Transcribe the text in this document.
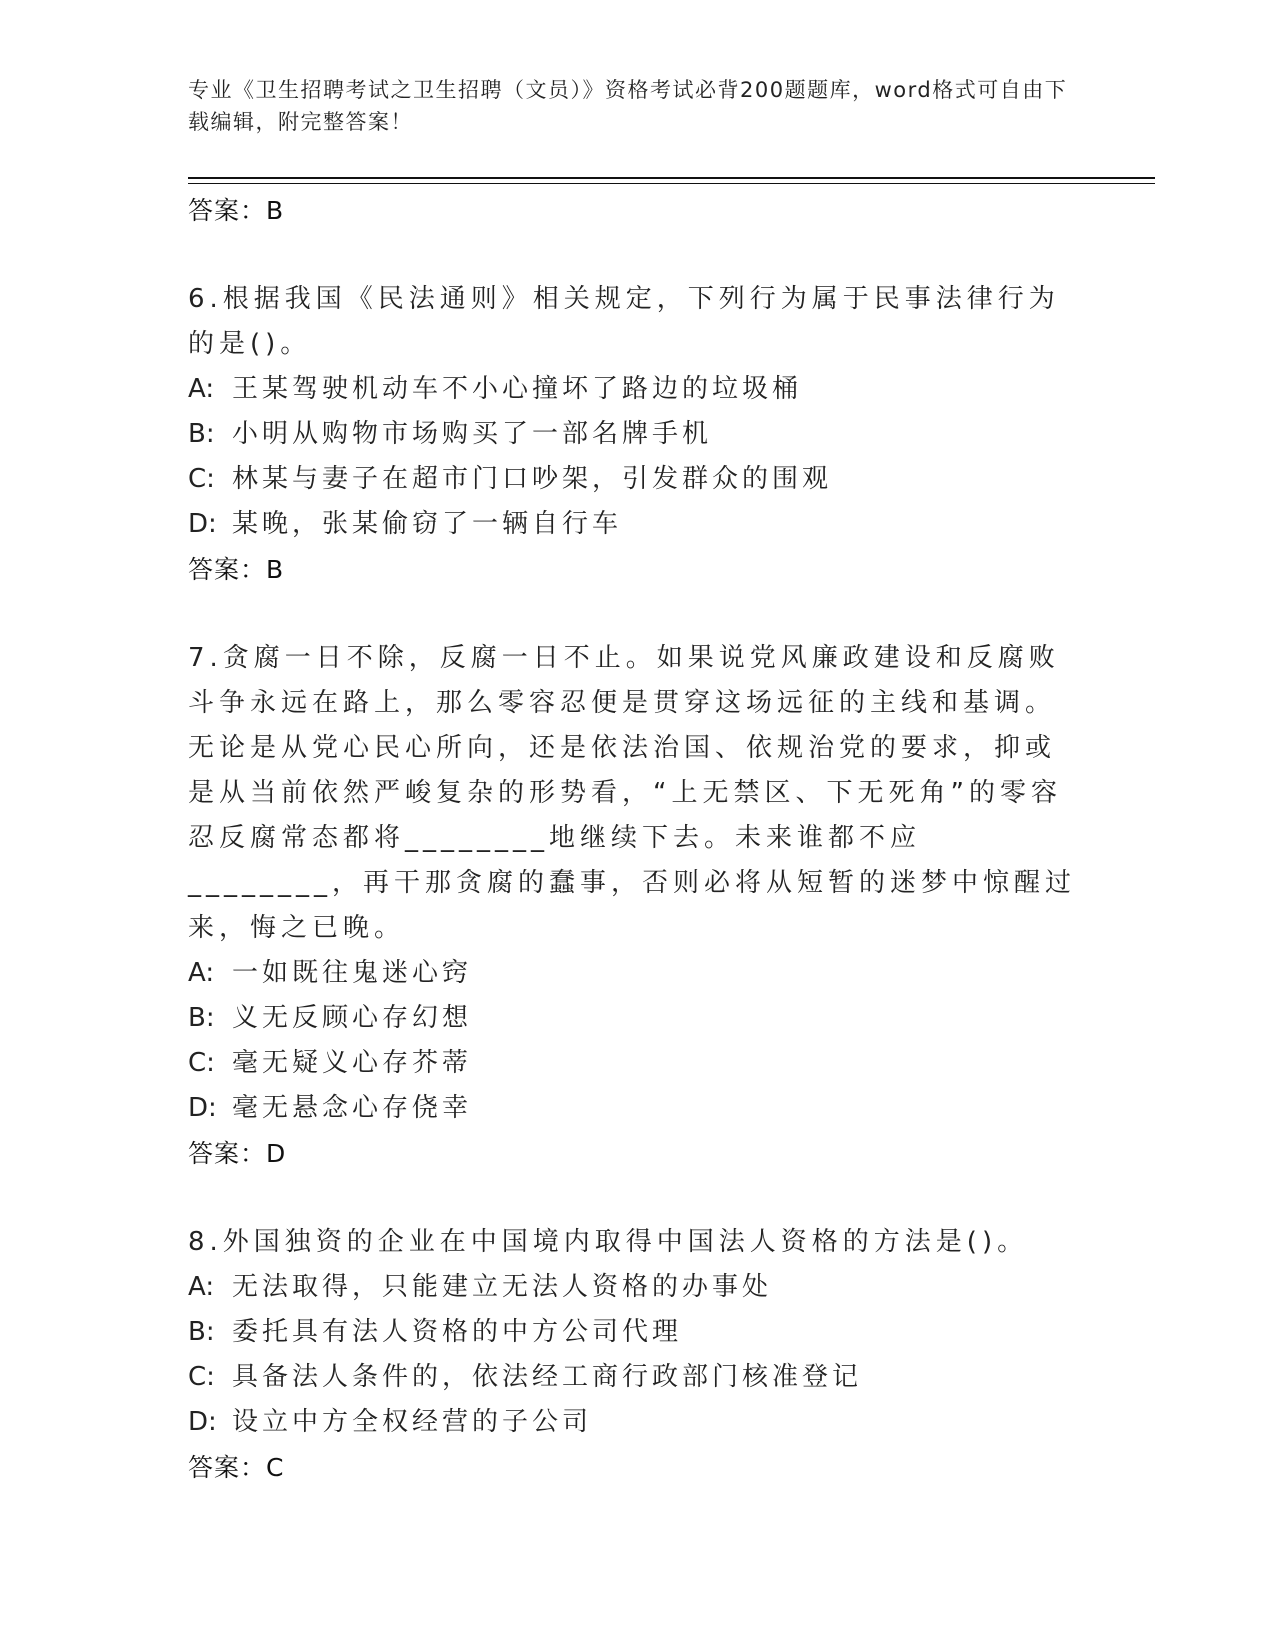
专业《卫生招聘考试之卫生招聘（文员）》资格考试必背200题题库，word格式可自由下载编辑，附完整答案！
答案：B
6.根据我国《民法通则》相关规定，下列行为属于民事法律行为的是()。
A: 王某驾驶机动车不小心撞坏了路边的垃圾桶
B: 小明从购物市场购买了一部名牌手机
C: 林某与妻子在超市门口吵架，引发群众的围观
D: 某晚，张某偷窃了一辆自行车
答案：B
7.贪腐一日不除，反腐一日不止。如果说党风廉政建设和反腐败斗争永远在路上，那么零容忍便是贯穿这场远征的主线和基调。无论是从党心民心所向，还是依法治国、依规治党的要求，抑或是从当前依然严峻复杂的形势看，“上无禁区、下无死角”的零容忍反腐常态都将________地继续下去。未来谁都不应________，再干那贪腐的蠢事，否则必将从短暂的迷梦中惊醒过来，悔之已晚。
A: 一如既往鬼迷心窍
B: 义无反顾心存幻想
C: 毫无疑义心存芥蒂
D: 毫无悬念心存侥幸
答案：D
8.外国独资的企业在中国境内取得中国法人资格的方法是()。
A: 无法取得，只能建立无法人资格的办事处
B: 委托具有法人资格的中方公司代理
C: 具备法人条件的，依法经工商行政部门核准登记
D: 设立中方全权经营的子公司
答案：C
